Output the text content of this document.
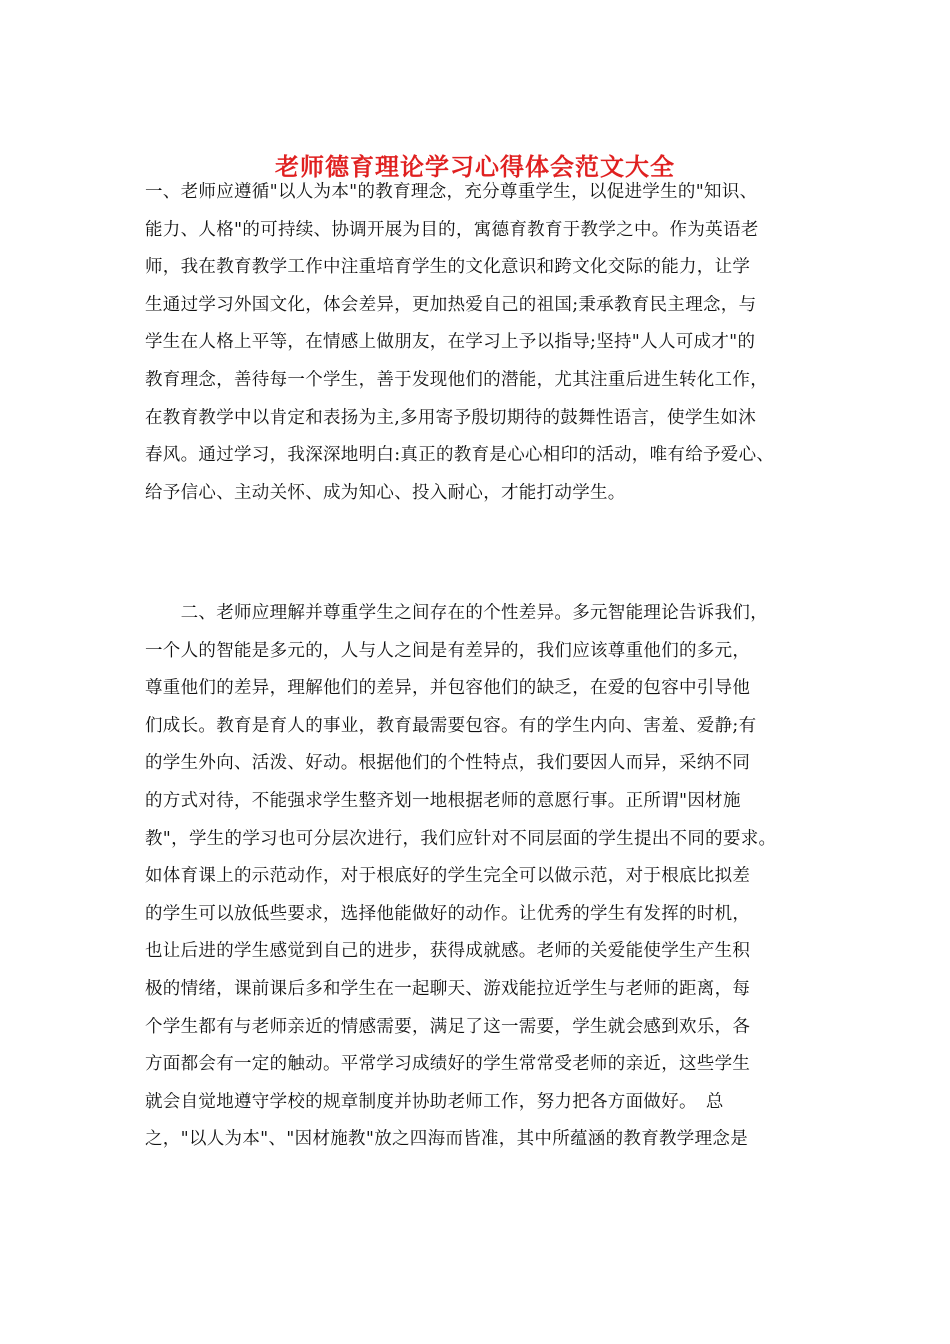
老师德育理论学习心得体会范文大全
一、老师应遵循"以人为本"的教育理念，充分尊重学生，以促进学生的"知识、
能力、人格"的可持续、协调开展为目的，寓德育教育于教学之中。作为英语老
师，我在教育教学工作中注重培育学生的文化意识和跨文化交际的能力，让学
生通过学习外国文化，体会差异，更加热爱自己的祖国;秉承教育民主理念，与
学生在人格上平等，在情感上做朋友，在学习上予以指导;坚持"人人可成才"的
教育理念，善待每一个学生，善于发现他们的潜能，尤其注重后进生转化工作，
在教育教学中以肯定和表扬为主,多用寄予殷切期待的鼓舞性语言，使学生如沐
春风。通过学习，我深深地明白:真正的教育是心心相印的活动，唯有给予爱心、
给予信心、主动关怀、成为知心、投入耐心，才能打动学生。
　　二、老师应理解并尊重学生之间存在的个性差异。多元智能理论告诉我们，
一个人的智能是多元的，人与人之间是有差异的，我们应该尊重他们的多元，
尊重他们的差异，理解他们的差异，并包容他们的缺乏，在爱的包容中引导他
们成长。教育是育人的事业，教育最需要包容。有的学生内向、害羞、爱静;有
的学生外向、活泼、好动。根据他们的个性特点，我们要因人而异，采纳不同
的方式对待，不能强求学生整齐划一地根据老师的意愿行事。正所谓"因材施
教"，学生的学习也可分层次进行，我们应针对不同层面的学生提出不同的要求。
如体育课上的示范动作，对于根底好的学生完全可以做示范，对于根底比拟差
的学生可以放低些要求，选择他能做好的动作。让优秀的学生有发挥的时机，
也让后进的学生感觉到自己的进步，获得成就感。老师的关爱能使学生产生积
极的情绪，课前课后多和学生在一起聊天、游戏能拉近学生与老师的距离，每
个学生都有与老师亲近的情感需要，满足了这一需要，学生就会感到欢乐，各
方面都会有一定的触动。平常学习成绩好的学生常常受老师的亲近，这些学生
就会自觉地遵守学校的规章制度并协助老师工作，努力把各方面做好。　总
之，"以人为本"、"因材施教"放之四海而皆准，其中所蕴涵的教育教学理念是
